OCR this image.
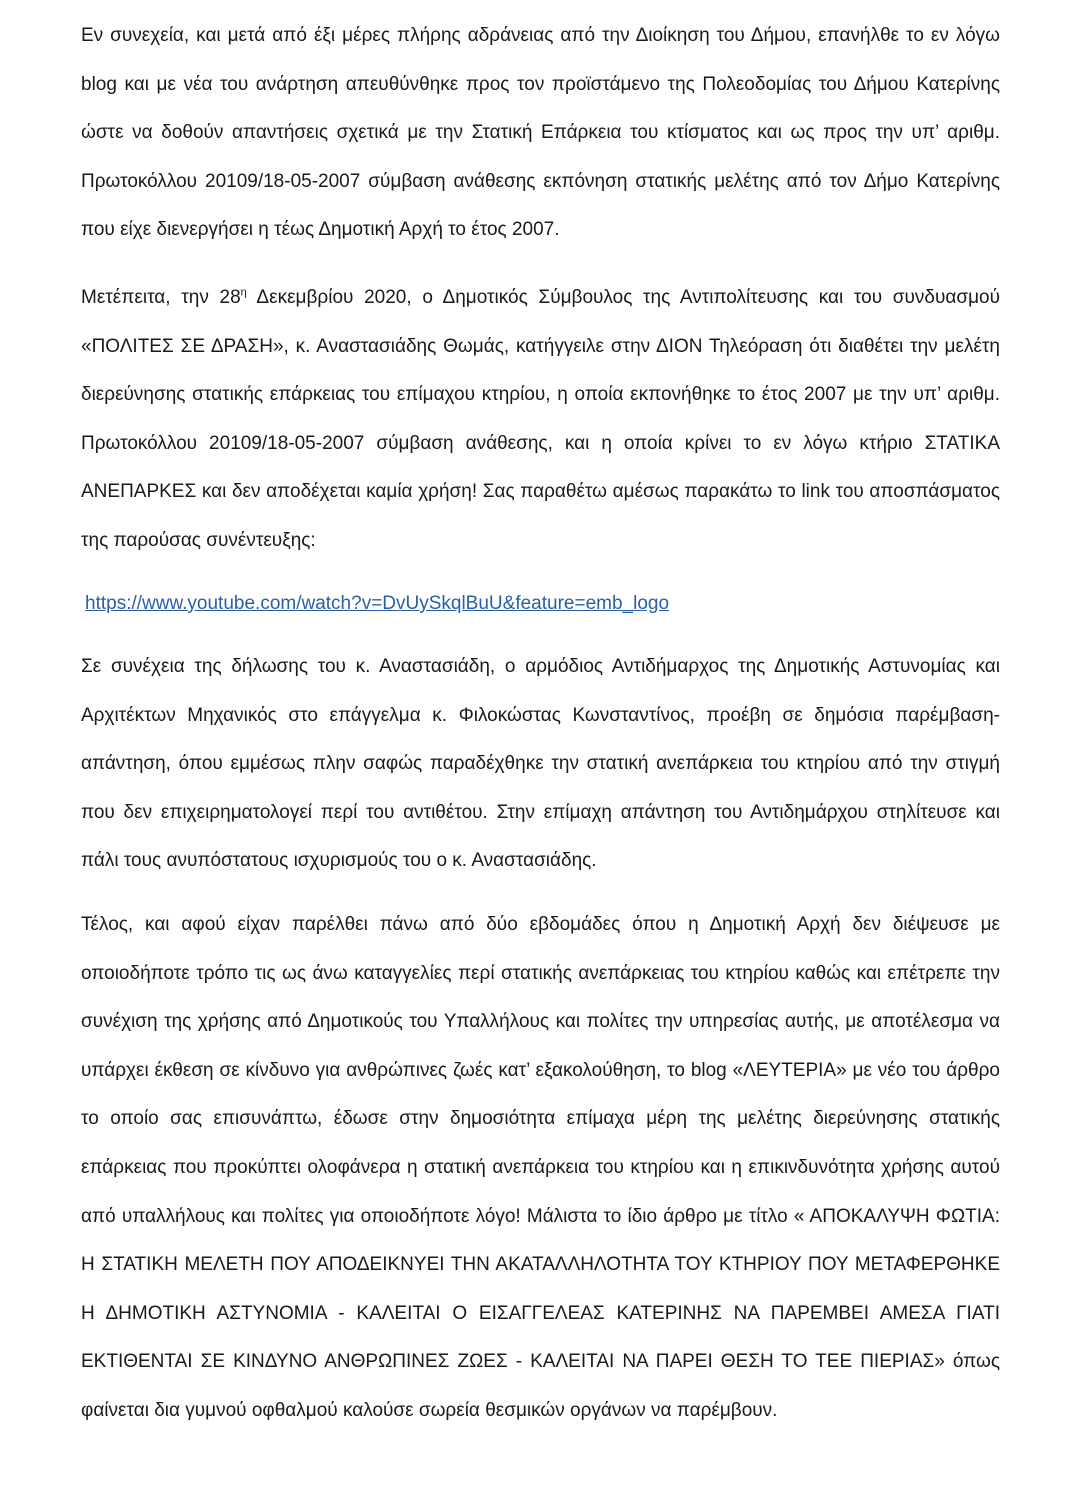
Εν συνεχεία, και μετά από έξι μέρες πλήρης αδράνειας από την Διοίκηση του Δήμου, επανήλθε το εν λόγω blog και με νέα του ανάρτηση απευθύνθηκε προς τον προϊστάμενο της Πολεοδομίας του Δήμου Κατερίνης ώστε να δοθούν απαντήσεις σχετικά με την Στατική Επάρκεια του κτίσματος και ως προς την υπ’ αριθμ. Πρωτοκόλλου 20109/18-05-2007 σύμβαση ανάθεσης εκπόνηση στατικής μελέτης από τον Δήμο Κατερίνης που είχε διενεργήσει η τέως Δημοτική Αρχή το έτος 2007.

Μετέπειτα, την $28^\eta$ Δεκεμβρίου 2020, ο Δημοτικός Σύμβουλος της Αντιπολίτευσης και του συνδυασμού «ΠΟΛΙΤΕΣ ΣΕ ΔΡΑΣΗ», κ. Αναστασιάδης Θωμάς, κατήγγειλε στην ΔΙΟΝ Τηλεόραση ότι διαθέτει την μελέτη διερεύνησης στατικής επάρκειας του επίμαχου κτηρίου, η οποία εκπονήθηκε το έτος 2007 με την υπ’ αριθμ. Πρωτοκόλλου 20109/18-05-2007 σύμβαση ανάθεσης, και η οποία κρίνει το εν λόγω κτήριο ΣΤΑΤΙΚΑ ΑΝΕΠΑΡΚΕΣ και δεν αποδέχεται καμία χρήση! Σας παραθέτω αμέσως παρακάτω το link του αποσπάσματος της παρούσας συνέντευξης:

https://www.youtube.com/watch?v=DvUySkqlBuU&feature=emb_logo

Σε συνέχεια της δήλωσης του κ. Αναστασιάδη, ο αρμόδιος Αντιδήμαρχος της Δημοτικής Αστυνομίας και Αρχιτέκτων Μηχανικός στο επάγγελμα κ. Φιλοκώστας Κωνσταντίνος, προέβη σε δημόσια παρέμβαση-απάντηση, όπου εμμέσως πλην σαφώς παραδέχθηκε την στατική ανεπάρκεια του κτηρίου από την στιγμή που δεν επιχειρηματολογεί περί του αντιθέτου. Στην επίμαχη απάντηση του Αντιδημάρχου στηλίτευσε και πάλι τους ανυπόστατους ισχυρισμούς του ο κ. Αναστασιάδης.

Τέλος, και αφού είχαν παρέλθει πάνω από δύο εβδομάδες όπου η Δημοτική Αρχή δεν διέψευσε με οποιοδήποτε τρόπο τις ως άνω καταγγελίες περί στατικής ανεπάρκειας του κτηρίου καθώς και επέτρεπε την συνέχιση της χρήσης από Δημοτικούς του Υπαλλήλους και πολίτες την υπηρεσίας αυτής, με αποτέλεσμα να υπάρχει έκθεση σε κίνδυνο για ανθρώπινες ζωές κατ’ εξακολούθηση, το blog «ΛΕΥΤΕΡΙΑ» με νέο του άρθρο το οποίο σας επισυνάπτω, έδωσε στην δημοσιότητα επίμαχα μέρη της μελέτης διερεύνησης στατικής επάρκειας που προκύπτει ολοφάνερα η στατική ανεπάρκεια του κτηρίου και η επικινδυνότητα χρήσης αυτού από υπαλλήλους και πολίτες για οποιοδήποτε λόγο! Μάλιστα το ίδιο άρθρο με τίτλο « ΑΠΟΚΑΛΥΨΗ ΦΩΤΙΑ: Η ΣΤΑΤΙΚΗ ΜΕΛΕΤΗ ΠΟΥ ΑΠΟΔΕΙΚΝΥΕΙ ΤΗΝ ΑΚΑΤΑΛΛΗΛΟΤΗΤΑ ΤΟΥ ΚΤΗΡΙΟΥ ΠΟΥ ΜΕΤΑΦΕΡΘΗΚΕ Η ΔΗΜΟΤΙΚΗ ΑΣΤΥΝΟΜΙΑ - ΚΑΛΕΙΤΑΙ Ο ΕΙΣΑΓΓΕΛΕΑΣ ΚΑΤΕΡΙΝΗΣ ΝΑ ΠΑΡΕΜΒΕΙ ΑΜΕΣΑ ΓΙΑΤΙ ΕΚΤΙΘΕΝΤΑΙ ΣΕ ΚΙΝΔΥΝΟ ΑΝΘΡΩΠΙΝΕΣ ΖΩΕΣ - ΚΑΛΕΙΤΑΙ ΝΑ ΠΑΡΕΙ ΘΕΣΗ ΤΟ ΤΕΕ ΠΙΕΡΙΑΣ» όπως φαίνεται δια γυμνού οφθαλμού καλούσε σωρεία θεσμικών οργάνων να παρέμβουν.
